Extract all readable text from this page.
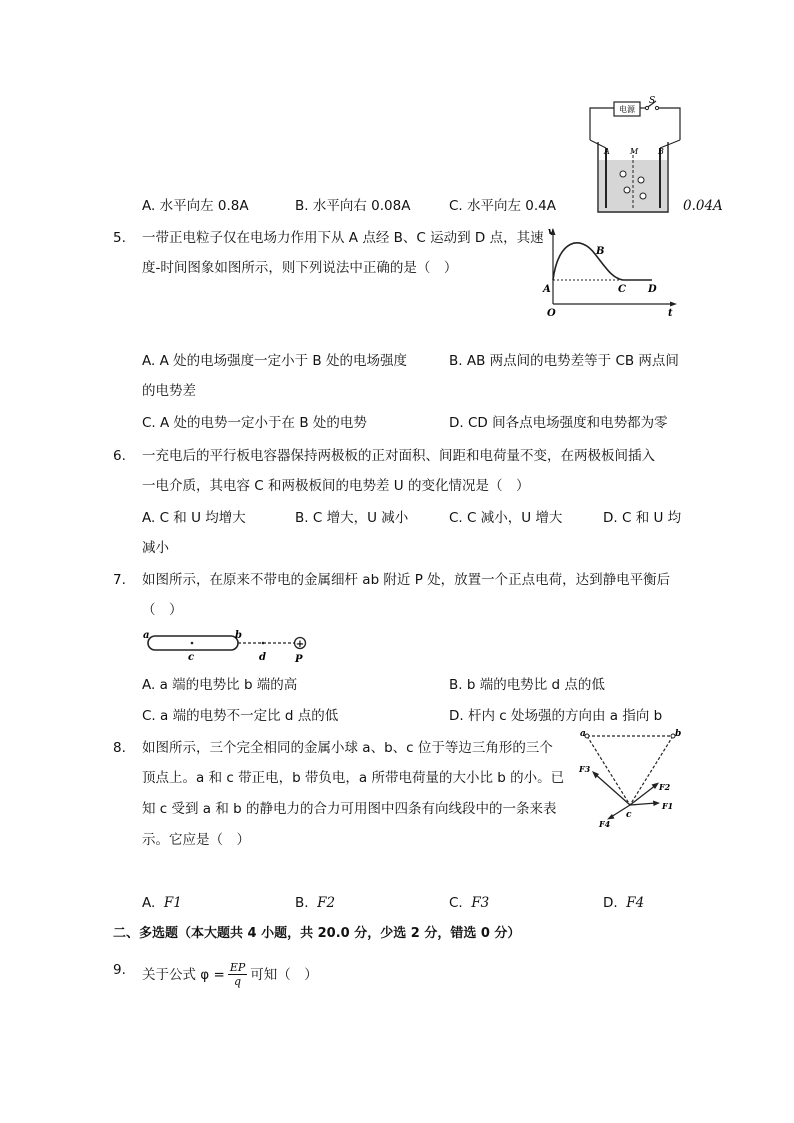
电源
S
A	M B
A. 水平向左 0.8A	B. 水平向右 0.08A	C. 水平向左 0.4A	0.04A
5. 一带正电粒子仅在电场力作用下从 A 点经 B、C 运动到 D 点，其速
度-时间图象如图所示，则下列说法中正确的是（　）
v
t
O
A
B
C D
A. A 处的电场强度一定小于 B 处的电场强度	B. AB 两点间的电势差等于 CB 两点间
的电势差
C. A 处的电势一定小于在 B 处的电势	D. CD 间各点电场强度和电势都为零
6. 一充电后的平行板电容器保持两极板的正对面积、间距和电荷量不变，在两极板间插入
一电介质，其电容 C 和两极板间的电势差 U 的变化情况是（　）
A. C 和 U 均增大	B. C 增大，U 减小	C. C 减小，U 增大	D. C 和 U 均
减小
7. 如图所示，在原来不带电的金属细杆 ab 附近 P 处，放置一个正点电荷，达到静电平衡后
（　）
+
a	b
c	d	P
A. a 端的电势比 b 端的高	B. b 端的电势比 d 点的低
C. a 端的电势不一定比 d 点的低	D. 杆内 c 处场强的方向由 a 指向 b
8. 如图所示，三个完全相同的金属小球 a、b、c 位于等边三角形的三个
顶点上。a 和 c 带正电，b 带负电，a 所带电荷量的大小比 b 的小。已
知 c 受到 a 和 b 的静电力的合力可用图中四条有向线段中的一条来表
示。它应是（　）
a	b
c
F1
F2
F3
F4
A. F1	B. F2	C. F3	D. F4
二、多选题（本大题共 4 小题，共 20.0 分，少选 2 分，错选 0 分）
9. 关于公式 $\varphi = \frac{EP}{q}$ 可知（　）
